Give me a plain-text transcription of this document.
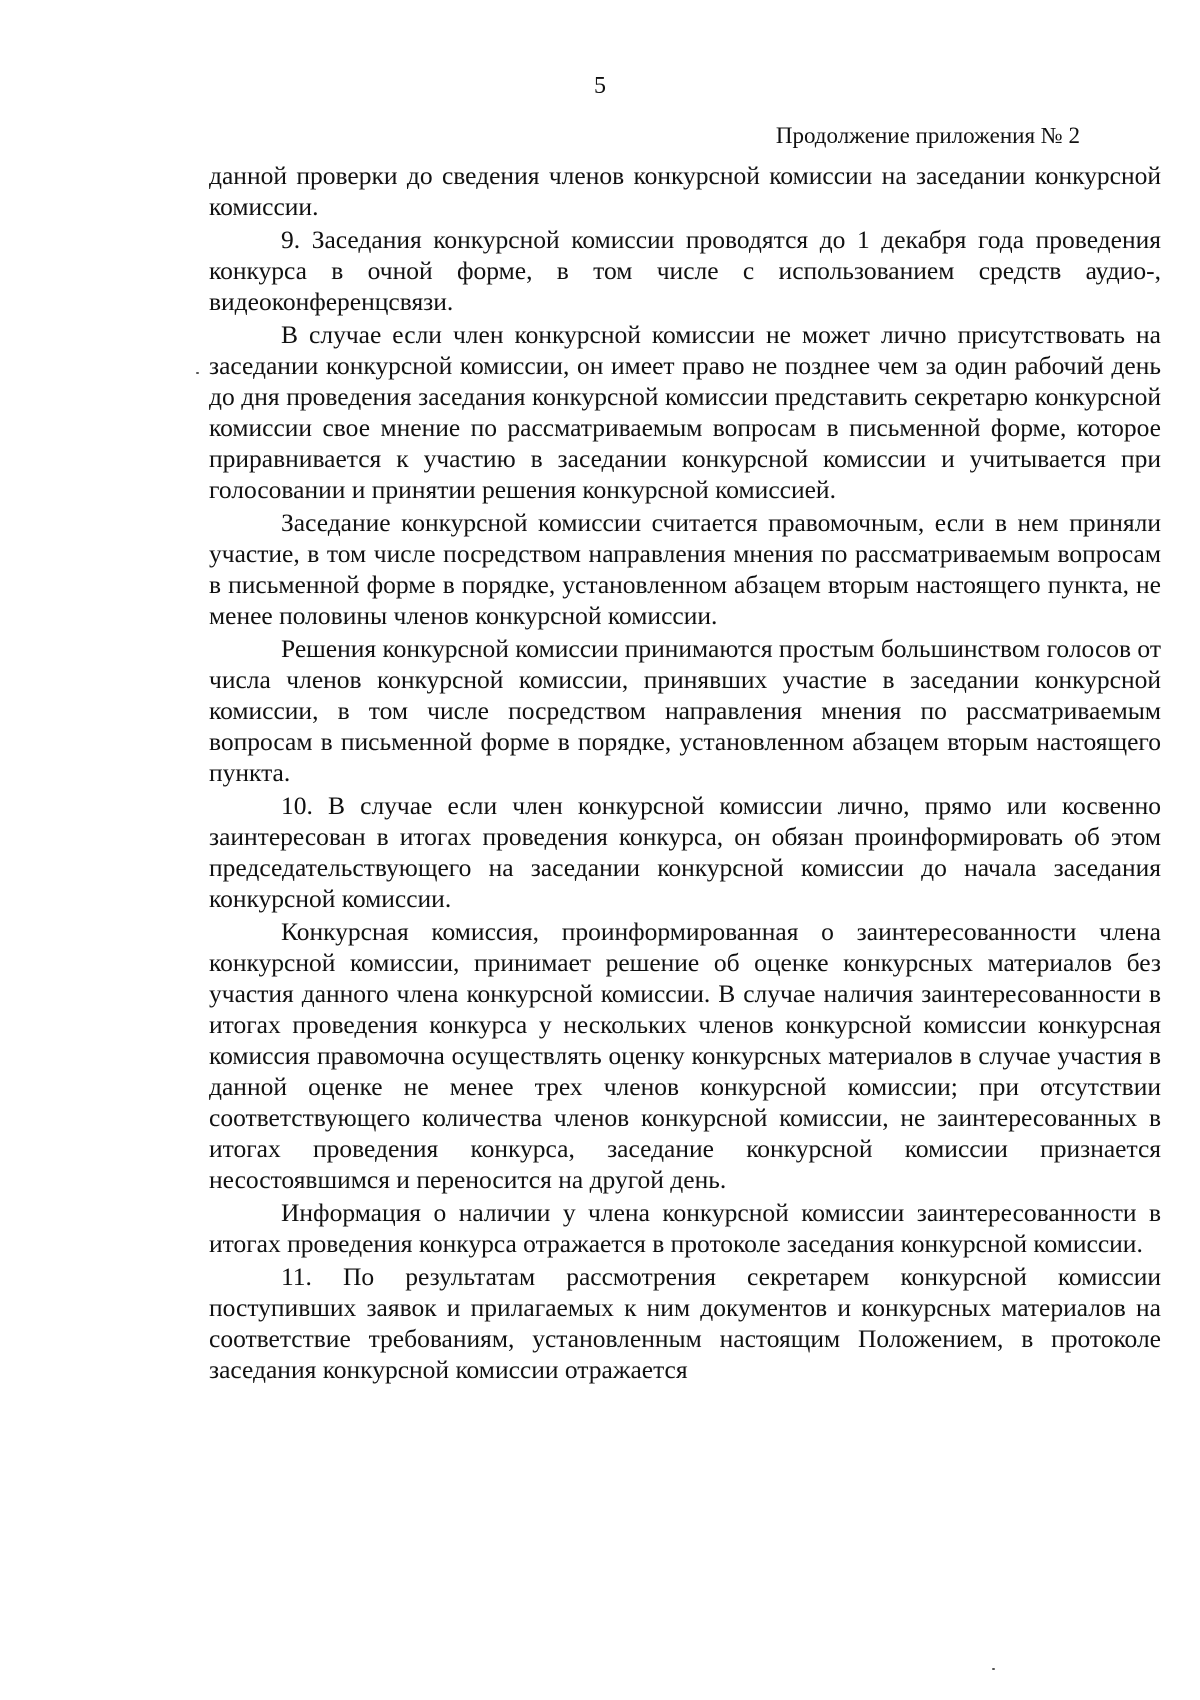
5
Продолжение приложения № 2

данной проверки до сведения членов конкурсной комиссии на заседании конкурсной комиссии.

9. Заседания конкурсной комиссии проводятся до 1 декабря года проведения конкурса в очной форме, в том числе с использованием средств аудио-, видеоконференцсвязи.

В случае если член конкурсной комиссии не может лично присутствовать на заседании конкурсной комиссии, он имеет право не позднее чем за один рабочий день до дня проведения заседания конкурсной комиссии представить секретарю конкурсной комиссии свое мнение по рассматриваемым вопросам в письменной форме, которое приравнивается к участию в заседании конкурсной комиссии и учитывается при голосовании и принятии решения конкурсной комиссией.

Заседание конкурсной комиссии считается правомочным, если в нем приняли участие, в том числе посредством направления мнения по рассматриваемым вопросам в письменной форме в порядке, установленном абзацем вторым настоящего пункта, не менее половины членов конкурсной комиссии.

Решения конкурсной комиссии принимаются простым большинством голосов от числа членов конкурсной комиссии, принявших участие в заседании конкурсной комиссии, в том числе посредством направления мнения по рассматриваемым вопросам в письменной форме в порядке, установленном абзацем вторым настоящего пункта.

10. В случае если член конкурсной комиссии лично, прямо или косвенно заинтересован в итогах проведения конкурса, он обязан проинформировать об этом председательствующего на заседании конкурсной комиссии до начала заседания конкурсной комиссии.

Конкурсная комиссия, проинформированная о заинтересованности члена конкурсной комиссии, принимает решение об оценке конкурсных материалов без участия данного члена конкурсной комиссии. В случае наличия заинтересованности в итогах проведения конкурса у нескольких членов конкурсной комиссии конкурсная комиссия правомочна осуществлять оценку конкурсных материалов в случае участия в данной оценке не менее трех членов конкурсной комиссии; при отсутствии соответствующего количества членов конкурсной комиссии, не заинтересованных в итогах проведения конкурса, заседание конкурсной комиссии признается несостоявшимся и переносится на другой день.

Информация о наличии у члена конкурсной комиссии заинтересованности в итогах проведения конкурса отражается в протоколе заседания конкурсной комиссии.

11. По результатам рассмотрения секретарем конкурсной комиссии поступивших заявок и прилагаемых к ним документов и конкурсных материалов на соответствие требованиям, установленным настоящим Положением, в протоколе заседания конкурсной комиссии отражается
